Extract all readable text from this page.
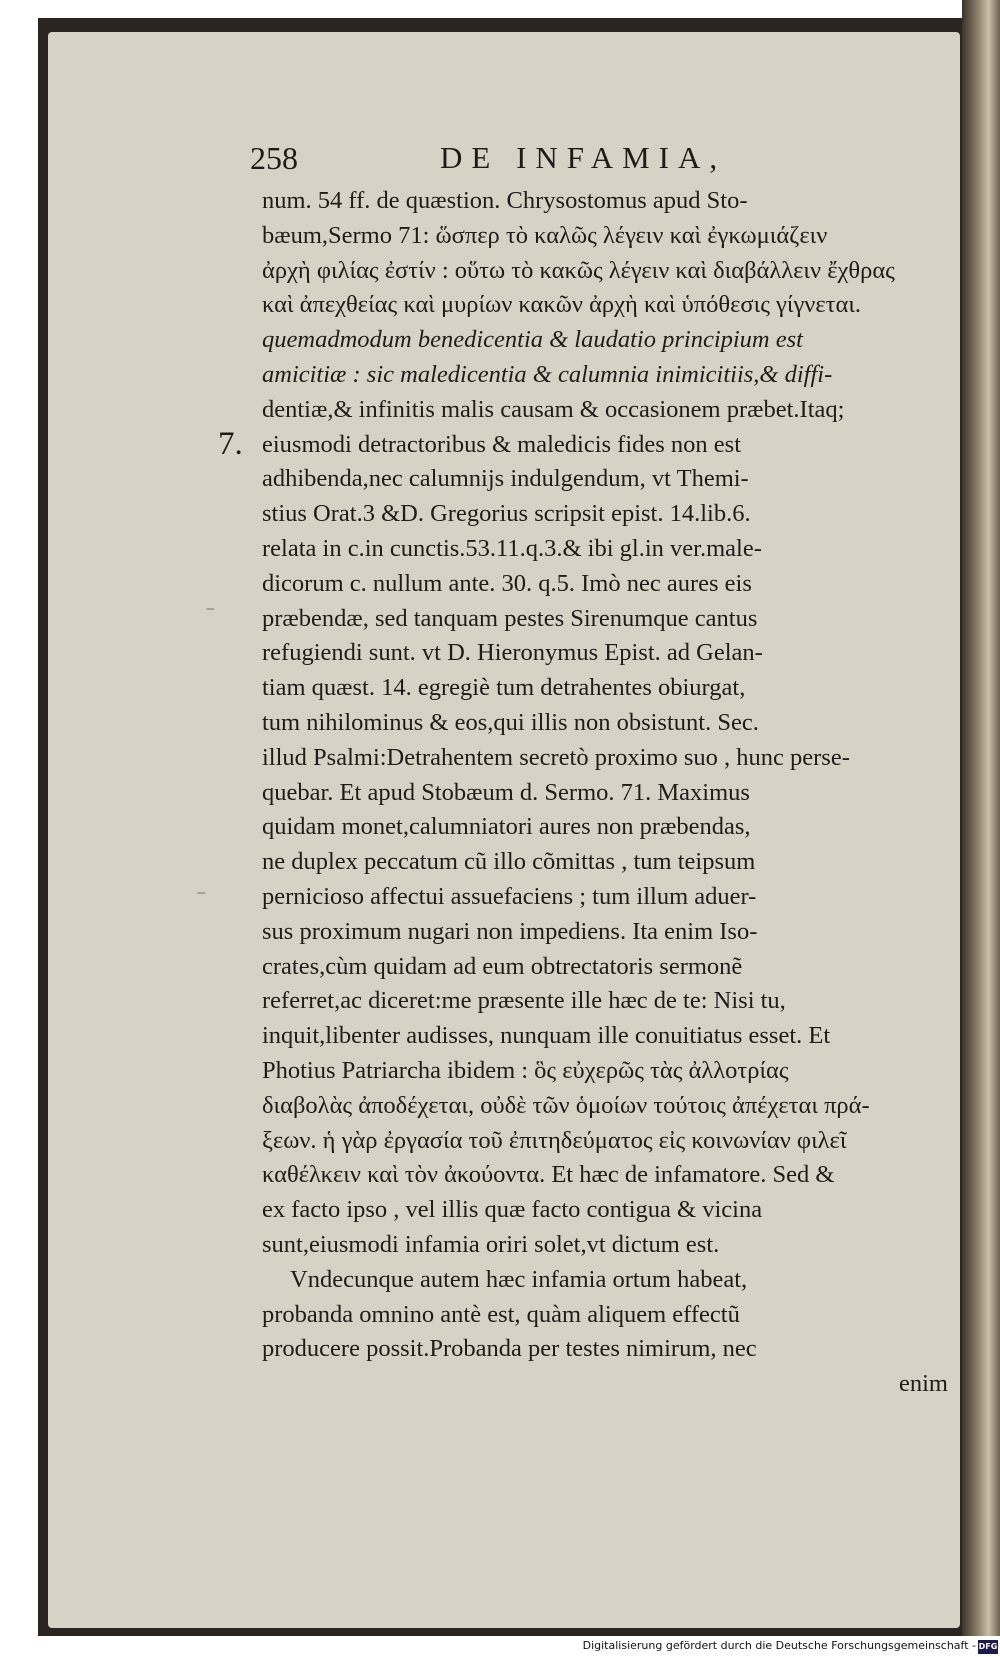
258	DE INFAMIA,
7.
⁻
⁻
num. 54 ff. de quæstion. Chrysostomus apud Sto-
bæum,Sermo 71: ὥσπερ τὸ καλῶς λέγειν καὶ ἐγκωμιάζειν
ἀρχὴ φιλίας ἐστίν : οὕτω τὸ κακῶς λέγειν καὶ διαβάλλειν ἔχθρας
καὶ ἀπεχθείας καὶ μυρίων κακῶν ἀρχὴ καὶ ὑπόθεσις γίγνεται.
quemadmodum benedicentia & laudatio principium est
amicitiæ : sic maledicentia & calumnia inimicitiis,& diffi-
dentiæ,& infinitis malis causam & occasionem præbet.Itaq;
eiusmodi detractoribus & maledicis fides non est
adhibenda,nec calumnijs indulgendum, vt Themi-
stius Orat.3 &D. Gregorius scripsit epist. 14.lib.6.
relata in c.in cunctis.53.11.q.3.& ibi gl.in ver.male-
dicorum c. nullum ante. 30. q.5. Imò nec aures eis
præbendæ, sed tanquam pestes Sirenumque cantus
refugiendi sunt. vt D. Hieronymus Epist. ad Gelan-
tiam quæst. 14. egregiè tum detrahentes obiurgat,
tum nihilominus & eos,qui illis non obsistunt. Sec.
illud Psalmi:Detrahentem secretò proximo suo , hunc perse-
quebar. Et apud Stobæum d. Sermo. 71. Maximus
quidam monet,calumniatori aures non præbendas,
ne duplex peccatum cũ illo cõmittas , tum teipsum
pernicioso affectui assuefaciens ; tum illum aduer-
sus proximum nugari non impediens. Ita enim Iso-
crates,cùm quidam ad eum obtrectatoris sermonẽ
referret,ac diceret:me præsente ille hæc de te: Nisi tu,
inquit,libenter audisses, nunquam ille conuitiatus esset. Et
Photius Patriarcha ibidem : ὃς εὐχερῶς τὰς ἀλλοτρίας
διαβολὰς ἀποδέχεται, οὐδὲ τῶν ὁμοίων τούτοις ἀπέχεται πρά-
ξεων. ἡ γὰρ ἐργασία τοῦ ἐπιτηδεύματος εἰς κοινωνίαν φιλεῖ
καθέλκειν καὶ τὸν ἀκούοντα. Et hæc de infamatore. Sed &
ex facto ipso , vel illis quæ facto contigua & vicina
sunt,eiusmodi infamia oriri solet,vt dictum est.
Vndecunque autem hæc infamia ortum habeat,
probanda omnino antè est, quàm aliquem effectũ
producere possit.Probanda per testes nimirum, nec
enim
Digitalisierung gefördert durch die Deutsche Forschungsgemeinschaft - DFG
